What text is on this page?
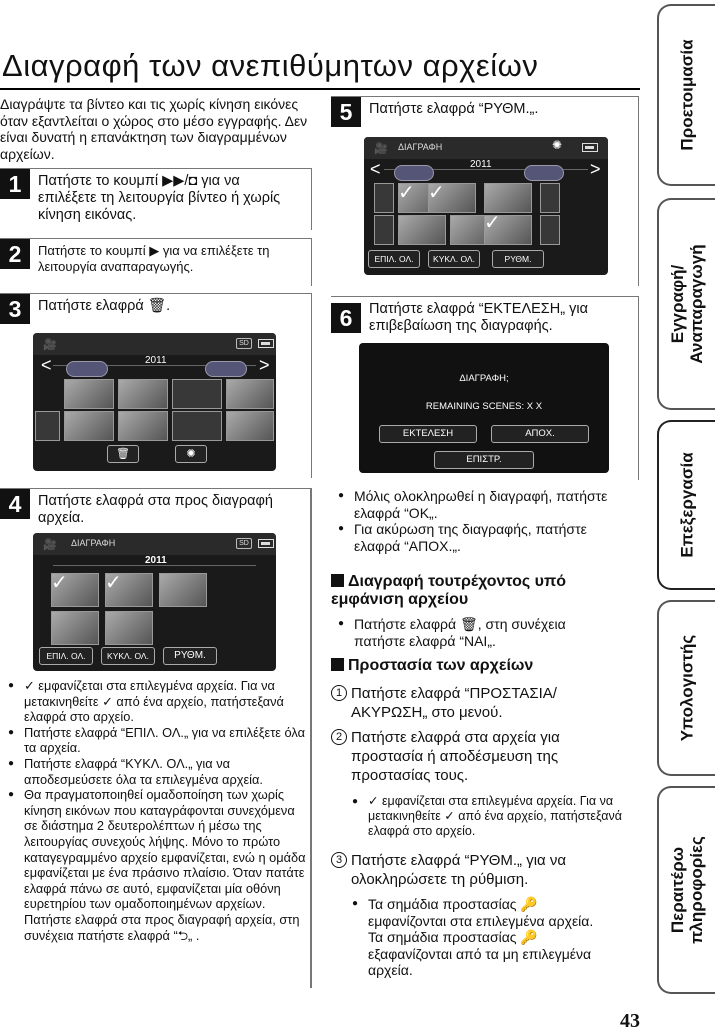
Διαγραφή των ανεπιθύμητων αρχείων
Διαγράψτε τα βίντεο και τις χωρίς κίνηση εικόνες όταν εξαντλείται ο χώρος στο μέσο εγγραφής. Δεν είναι δυνατή η επανάκτηση των διαγραμμένων αρχείων.
1	Πατήστε το κουμπί ▶▶/◘ για να επιλέξετε τη λειτουργία βίντεο ή χωρίς κίνηση εικόνας.
2	Πατήστε το κουμπί ▶ για να επιλέξετε τη λειτουργία αναπαραγωγής.
3	Πατήστε ελαφρά 🗑.
🎥	SD
2011
<	>
🗑	✺
4	Πατήστε ελαφρά στα προς διαγραφή αρχεία.
🎥 ΔΙΑΓΡΑΦΗ	SD
2011
✓ ✓
ΕΠΙΛ. ΟΛ.	ΚΥΚΛ. ΟΛ.	ΡΥΘΜ.
● ✓ εμφανίζεται στα επιλεγμένα αρχεία. Για να μετακινηθείτε ✓ από ένα αρχείο, πατήστεξανά ελαφρά στο αρχείο.
● Πατήστε ελαφρά “ΕΠΙΛ. ΟΛ.„ για να επιλέξετε όλα τα αρχεία.
● Πατήστε ελαφρά “ΚΥΚΛ. ΟΛ.„ για να αποδεσμεύσετε όλα τα επιλεγμένα αρχεία.
● Θα πραγματοποιηθεί ομαδοποίηση των χωρίς κίνηση εικόνων που καταγράφονται συνεχόμενα σε διάστημα 2 δευτερολέπτων ή μέσω της λειτουργίας συνεχούς λήψης. Μόνο το πρώτο καταγεγραμμένο αρχείο εμφανίζεται, ενώ η ομάδα εμφανίζεται με ένα πράσινο πλαίσιο. Όταν πατάτε ελαφρά πάνω σε αυτό, εμφανίζεται μία οθόνη ευρετηρίου των ομαδοποιημένων αρχείων. Πατήστε ελαφρά στα προς διαγραφή αρχεία, στη συνέχεια πατήστε ελαφρά “⮌„ .
5	Πατήστε ελαφρά “ΡΥΘΜ.„.
🎥 ΔΙΑΓΡΑΦΗ	✺
2011
<	>
✓ ✓
✓
ΕΠΙΛ. ΟΛ.	ΚΥΚΛ. ΟΛ.	ΡΥΘΜ.
6	Πατήστε ελαφρά “ΕΚΤΕΛΕΣΗ„ για επιβεβαίωση της διαγραφής.
ΔΙΑΓΡΑΦΗ;
REMAINING SCENES: X X
ΕΚΤΕΛΕΣΗ	ΑΠΟΧ.
ΕΠΙΣΤΡ.
● Μόλις ολοκληρωθεί η διαγραφή, πατήστε ελαφρά “ΟΚ„.
● Για ακύρωση της διαγραφής, πατήστε ελαφρά “ΑΠΟΧ.„.
Διαγραφή τουτρέχοντος υπό εμφάνιση αρχείου
● Πατήστε ελαφρά 🗑, στη συνέχεια πατήστε ελαφρά “ΝΑΙ„.
Προστασία των αρχείων
1 Πατήστε ελαφρά “ΠΡΟΣΤΑΣΙΑ/ ΑΚΥΡΩΣΗ„ στο μενού.
2 Πατήστε ελαφρά στα αρχεία για προστασία ή αποδέσμευση της προστασίας τους.
● ✓ εμφανίζεται στα επιλεγμένα αρχεία. Για να μετακινηθείτε ✓ από ένα αρχείο, πατήστεξανά ελαφρά στο αρχείο.
3 Πατήστε ελαφρά “ΡΥΘΜ.„ για να ολοκληρώσετε τη ρύθμιση.
● Τα σημάδια προστασίας 🔑 εμφανίζονται στα επιλεγμένα αρχεία. Τα σημάδια προστασίας 🔑 εξαφανίζονται από τα μη επιλεγμένα αρχεία.
Προετοιμασία
Εγγραφή/ Αναπαραγωγή
Επεξεργασία
Υπολογιστής
Περαιτέρω πληροφορίες
43
